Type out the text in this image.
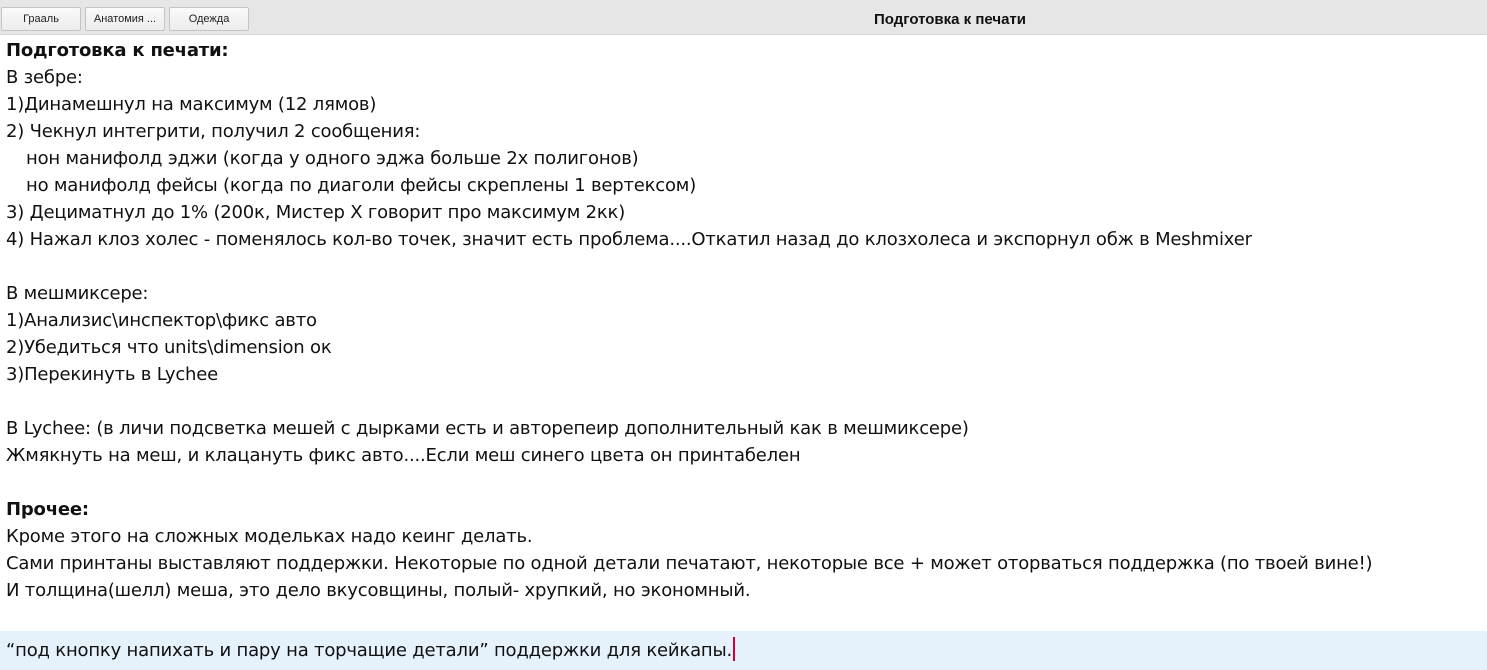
Грааль	Анатомия ...	Одежда	Подготовка к печати
Подготовка к печати:
В зебре:
1)Динамешнул на максимум (12 лямов)
2) Чекнул интегрити, получил 2 сообщения:
нон манифолд эджи (когда у одного эджа больше 2х полигонов)
но манифолд фейсы (когда по диаголи фейсы скреплены 1 вертексом)
3) Дециматнул до 1% (200к, Мистер Х говорит про максимум 2кк)
4) Нажал клоз холес - поменялось кол-во точек, значит есть проблема....Откатил назад до клозхолеса и экспорнул обж в Meshmixer
В мешмиксере:
1)Анализис\инспектор\фикс авто
2)Убедиться что units\dimension ок
3)Перекинуть в Lychee
В Lychee: (в личи подсветка мешей с дырками есть и авторепеир дополнительный как в мешмиксере)
Жмякнуть на меш, и клацануть фикс авто....Если меш синего цвета он принтабелен
Прочее:
Кроме этого на сложных модельках надо кеинг делать.
Сами принтаны выставляют поддержки. Некоторые по одной детали печатают, некоторые все + может оторваться поддержка (по твоей вине!)
И толщина(шелл) меша, это дело вкусовщины, полый- хрупкий, но экономный.
“под кнопку напихать и пару на торчащие детали” поддержки для кейкапы.
